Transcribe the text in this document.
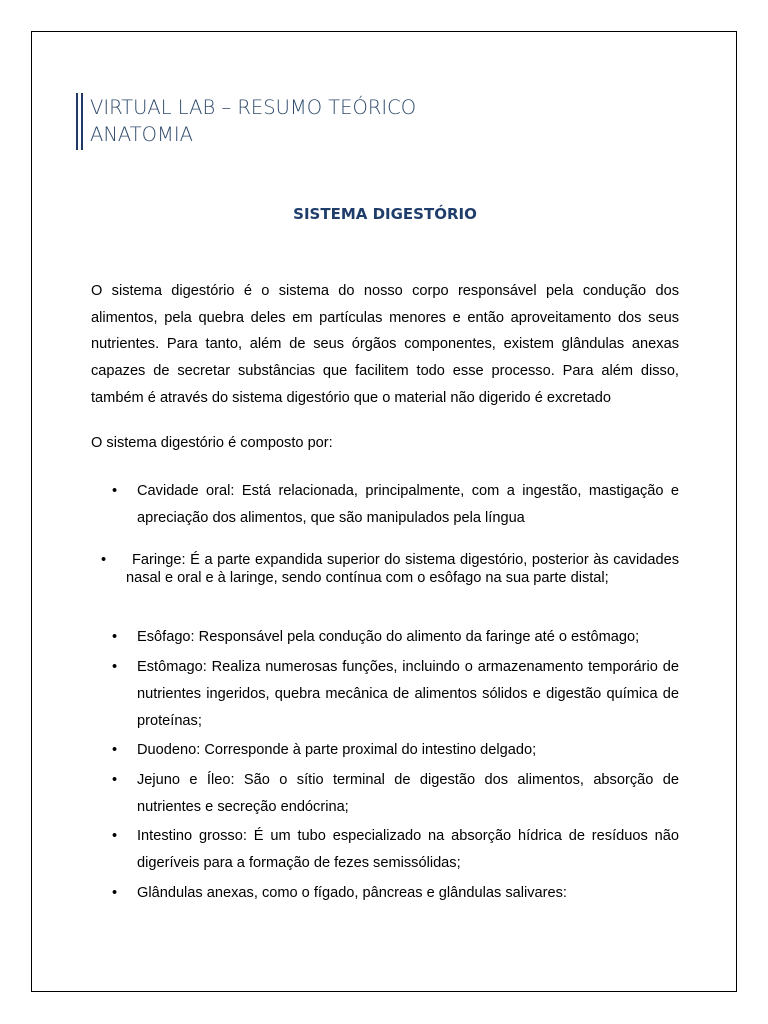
VIRTUAL LAB – RESUMO TEÓRICO
ANATOMIA
SISTEMA DIGESTÓRIO
O sistema digestório é o sistema do nosso corpo responsável pela condução dos alimentos, pela quebra deles em partículas menores e então aproveitamento dos seus nutrientes. Para tanto, além de seus órgãos componentes, existem glândulas anexas capazes de secretar substâncias que facilitem todo esse processo. Para além disso, também é através do sistema digestório que o material não digerido é excretado
O sistema digestório é composto por:
• Cavidade oral: Está relacionada, principalmente, com a ingestão, mastigação e apreciação dos alimentos, que são manipulados pela língua
• Faringe: É a parte expandida superior do sistema digestório, posterior às cavidades nasal e oral e à laringe, sendo contínua com o esôfago na sua parte distal;
• Esôfago: Responsável pela condução do alimento da faringe até o estômago;
• Estômago: Realiza numerosas funções, incluindo o armazenamento temporário de nutrientes ingeridos, quebra mecânica de alimentos sólidos e digestão química de proteínas;
• Duodeno: Corresponde à parte proximal do intestino delgado;
• Jejuno e Íleo: São o sítio terminal de digestão dos alimentos, absorção de nutrientes e secreção endócrina;
• Intestino grosso: É um tubo especializado na absorção hídrica de resíduos não digeríveis para a formação de fezes semissólidas;
• Glândulas anexas, como o fígado, pâncreas e glândulas salivares:
